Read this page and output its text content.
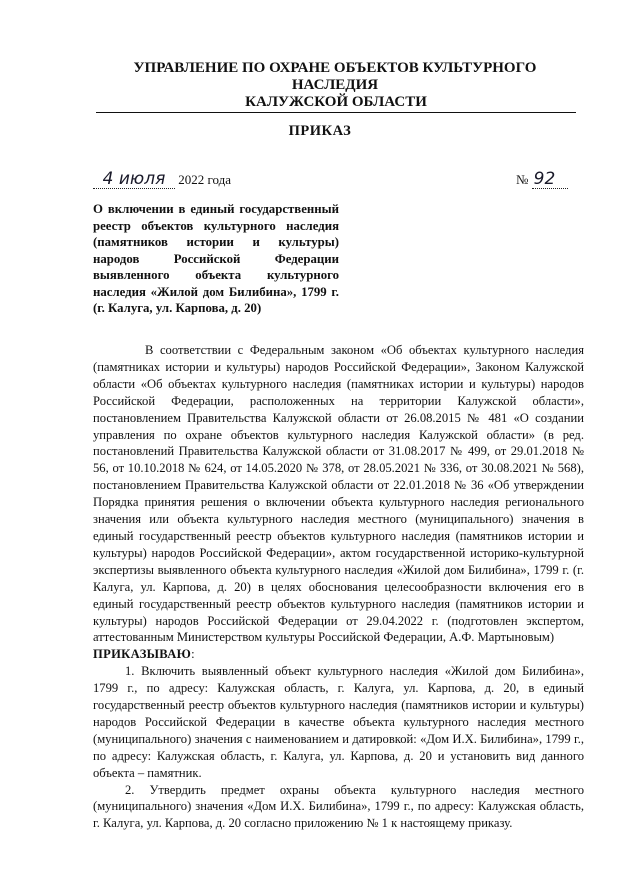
УПРАВЛЕНИЕ ПО ОХРАНЕ ОБЪЕКТОВ КУЛЬТУРНОГО НАСЛЕДИЯ
КАЛУЖСКОЙ ОБЛАСТИ
ПРИКАЗ
4 июля 2022 года	№ 92
О включении в единый государственный реестр объектов культурного наследия (памятников истории и культуры) народов Российской Федерации выявленного объекта культурного наследия «Жилой дом Билибина», 1799 г. (г. Калуга, ул. Карпова, д. 20)

В соответствии с Федеральным законом «Об объектах культурного наследия (памятниках истории и культуры) народов Российской Федерации», Законом Калужской области «Об объектах культурного наследия (памятниках истории и культуры) народов Российской Федерации, расположенных на территории Калужской области», постановлением Правительства Калужской области от 26.08.2015 № 481 «О создании управления по охране объектов культурного наследия Калужской области» (в ред. постановлений Правительства Калужской области от 31.08.2017 № 499, от 29.01.2018 № 56, от 10.10.2018 № 624, от 14.05.2020 № 378, от 28.05.2021 № 336, от 30.08.2021 № 568), постановлением Правительства Калужской области от 22.01.2018 № 36 «Об утверждении Порядка принятия решения о включении объекта культурного наследия регионального значения или объекта культурного наследия местного (муниципального) значения в единый государственный реестр объектов культурного наследия (памятников истории и культуры) народов Российской Федерации», актом государственной историко-культурной экспертизы выявленного объекта культурного наследия «Жилой дом Билибина», 1799 г. (г. Калуга, ул. Карпова, д. 20) в целях обоснования целесообразности включения его в единый государственный реестр объектов культурного наследия (памятников истории и культуры) народов Российской Федерации от 29.04.2022 г. (подготовлен экспертом, аттестованным Министерством культуры Российской Федерации, А.Ф. Мартыновым)

ПРИКАЗЫВАЮ:

1. Включить выявленный объект культурного наследия «Жилой дом Билибина», 1799 г., по адресу: Калужская область, г. Калуга, ул. Карпова, д. 20, в единый государственный реестр объектов культурного наследия (памятников истории и культуры) народов Российской Федерации в качестве объекта культурного наследия местного (муниципального) значения с наименованием и датировкой: «Дом И.Х. Билибина», 1799 г., по адресу: Калужская область, г. Калуга, ул. Карпова, д. 20 и установить вид данного объекта – памятник.

2. Утвердить предмет охраны объекта культурного наследия местного (муниципального) значения «Дом И.Х. Билибина», 1799 г., по адресу: Калужская область, г. Калуга, ул. Карпова, д. 20 согласно приложению № 1 к настоящему приказу.
